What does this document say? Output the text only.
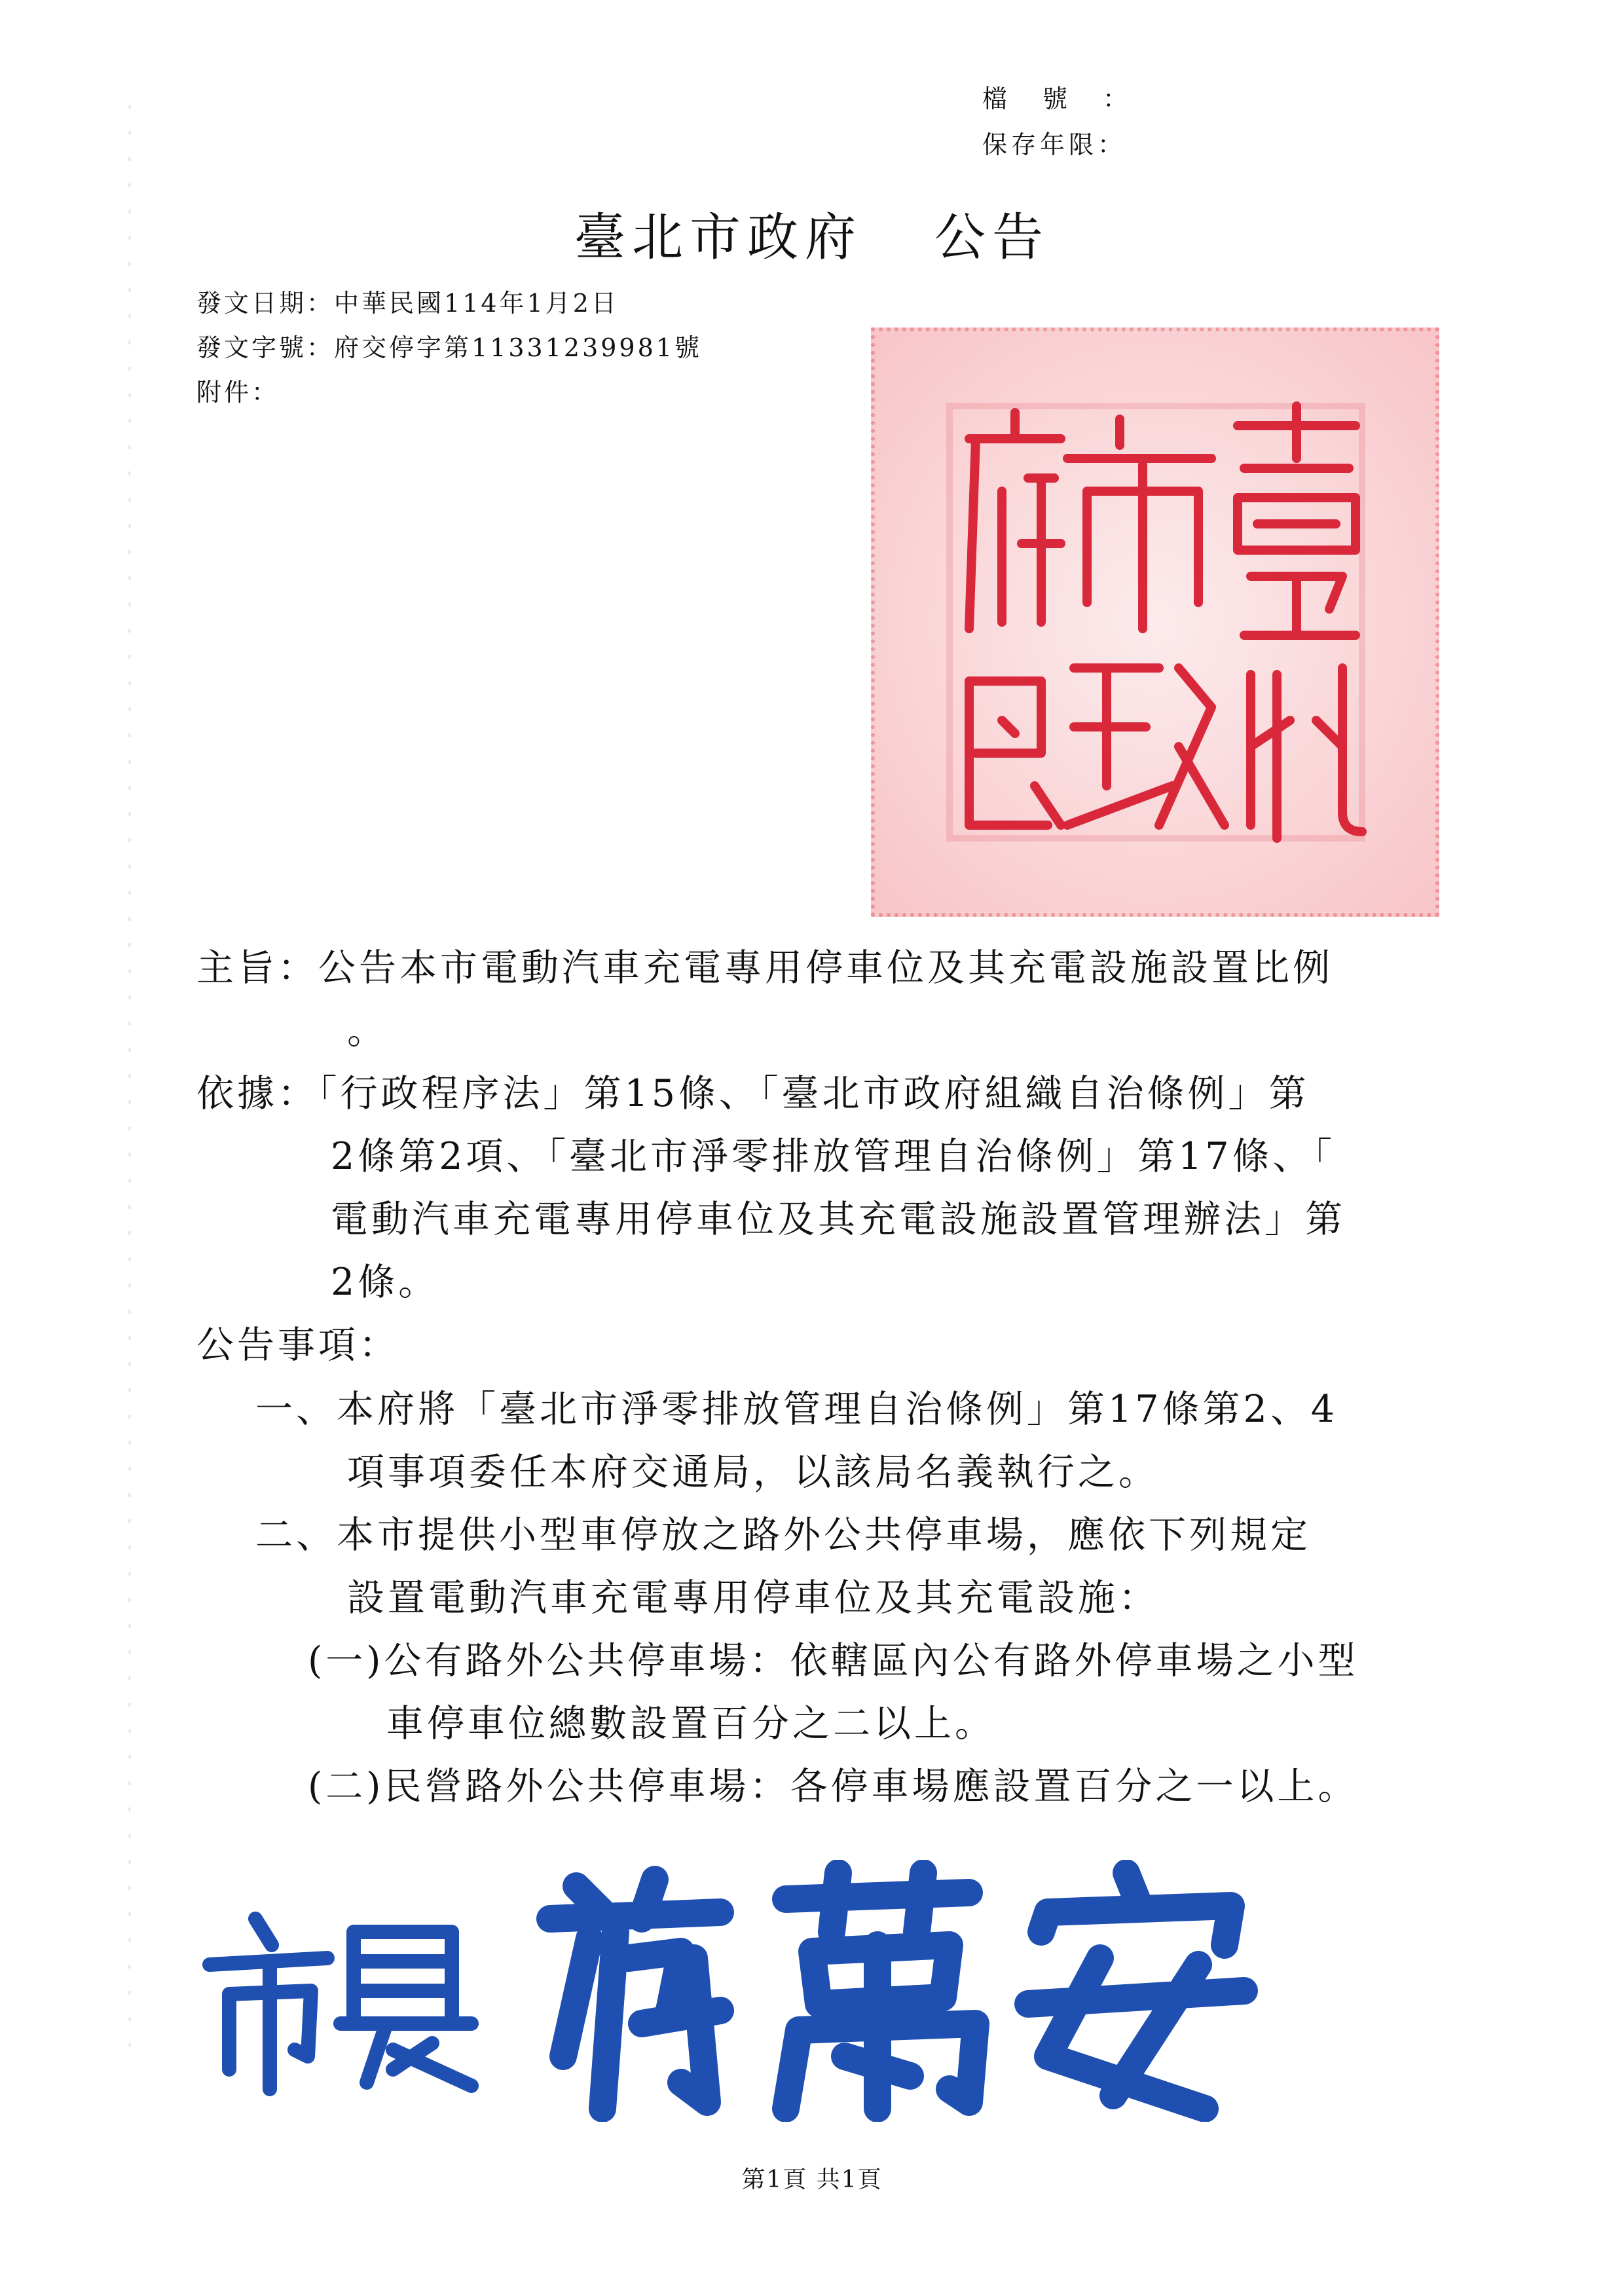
檔號：
保存年限：
臺北市政府 公告
發文日期：中華民國114年1月2日
發文字號：府交停字第11331239981號
附件：
主旨：公告本市電動汽車充電專用停車位及其充電設施設置比例
。
依據：「行政程序法」第15條、「臺北市政府組織自治條例」第
2條第2項、「臺北市淨零排放管理自治條例」第17條、「
電動汽車充電專用停車位及其充電設施設置管理辦法」第
2條。
公告事項：
一、本府將「臺北市淨零排放管理自治條例」第17條第2、4
項事項委任本府交通局，以該局名義執行之。
二、本市提供小型車停放之路外公共停車場，應依下列規定
設置電動汽車充電專用停車位及其充電設施：
(一)公有路外公共停車場：依轄區內公有路外停車場之小型
車停車位總數設置百分之二以上。
(二)民營路外公共停車場：各停車場應設置百分之一以上。
第1頁 共1頁
